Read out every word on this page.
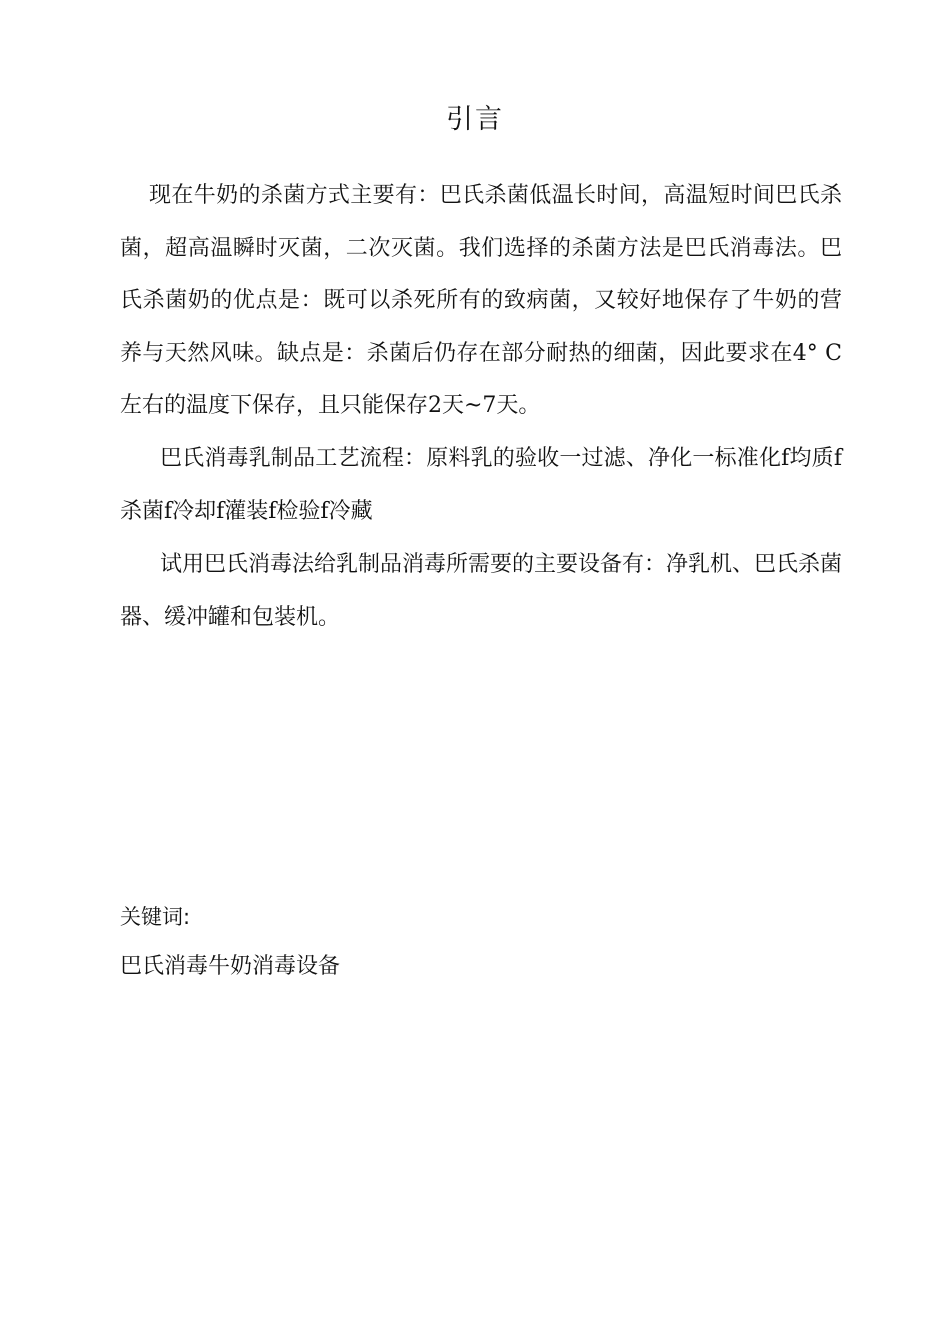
引言

现在牛奶的杀菌方式主要有：巴氏杀菌低温长时间，高温短时间巴氏杀菌，超高温瞬时灭菌，二次灭菌。我们选择的杀菌方法是巴氏消毒法。巴氏杀菌奶的优点是：既可以杀死所有的致病菌，又较好地保存了牛奶的营养与天然风味。缺点是：杀菌后仍存在部分耐热的细菌，因此要求在4° C左右的温度下保存，且只能保存2天~7天。

巴氏消毒乳制品工艺流程：原料乳的验收一过滤、净化一标准化f均质f杀菌f冷却f灌装f检验f冷藏

试用巴氏消毒法给乳制品消毒所需要的主要设备有：净乳机、巴氏杀菌器、缓冲罐和包装机。

关键词:
巴氏消毒牛奶消毒设备
